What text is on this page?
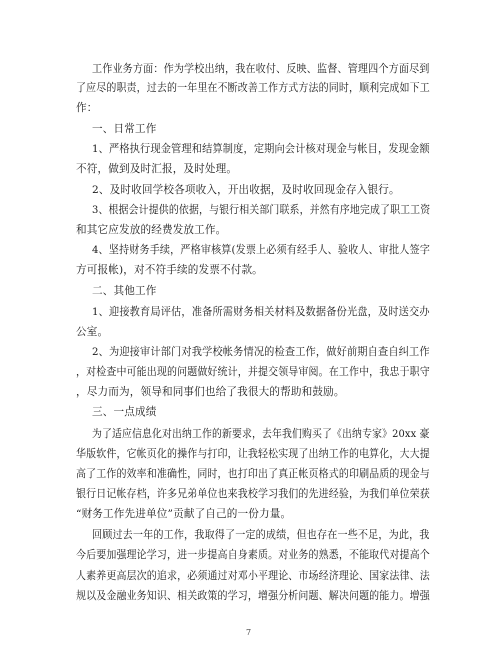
工作业务方面：作为学校出纳，我在收付、反映、监督、管理四个方面尽到
了应尽的职责，过去的一年里在不断改善工作方式方法的同时，顺利完成如下工
作：
一、日常工作
1、严格执行现金管理和结算制度，定期向会计核对现金与帐目，发现金额
不符，做到及时汇报，及时处理。
2、及时收回学校各项收入，开出收据，及时收回现金存入银行。
3、根据会计提供的依据，与银行相关部门联系，并然有序地完成了职工工资
和其它应发放的经费发放工作。
4、坚持财务手续，严格审核算(发票上必须有经手人、验收人、审批人签字
方可报帐)，对不符手续的发票不付款。
二、其他工作
1、迎接教育局评估，准备所需财务相关材料及数据备份光盘，及时送交办
公室。
2、为迎接审计部门对我学校帐务情况的检查工作，做好前期自查自纠工作
，对检查中可能出现的问题做好统计，并提交领导审阅。在工作中，我忠于职守
，尽力而为，领导和同事们也给了我很大的帮助和鼓励。
三、一点成绩
为了适应信息化对出纳工作的新要求，去年我们购买了《出纳专家》20xx 豪
华版软件，它帐页化的操作与打印，让我轻松实现了出纳工作的电算化，大大提
高了工作的效率和准确性，同时，也打印出了真正帐页格式的印刷品质的现金与
银行日记帐存档，许多兄弟单位也来我校学习我们的先进经验，为我们单位荣获
“财务工作先进单位”贡献了自己的一份力量。
回顾过去一年的工作，我取得了一定的成绩，但也存在一些不足，为此，我
今后要加强理论学习，进一步提高自身素质。对业务的熟悉，不能取代对提高个
人素养更高层次的追求，必须通过对邓小平理论、市场经济理论、国家法律、法
规以及金融业务知识、相关政策的学习，增强分析问题、解决问题的能力。增强
7
